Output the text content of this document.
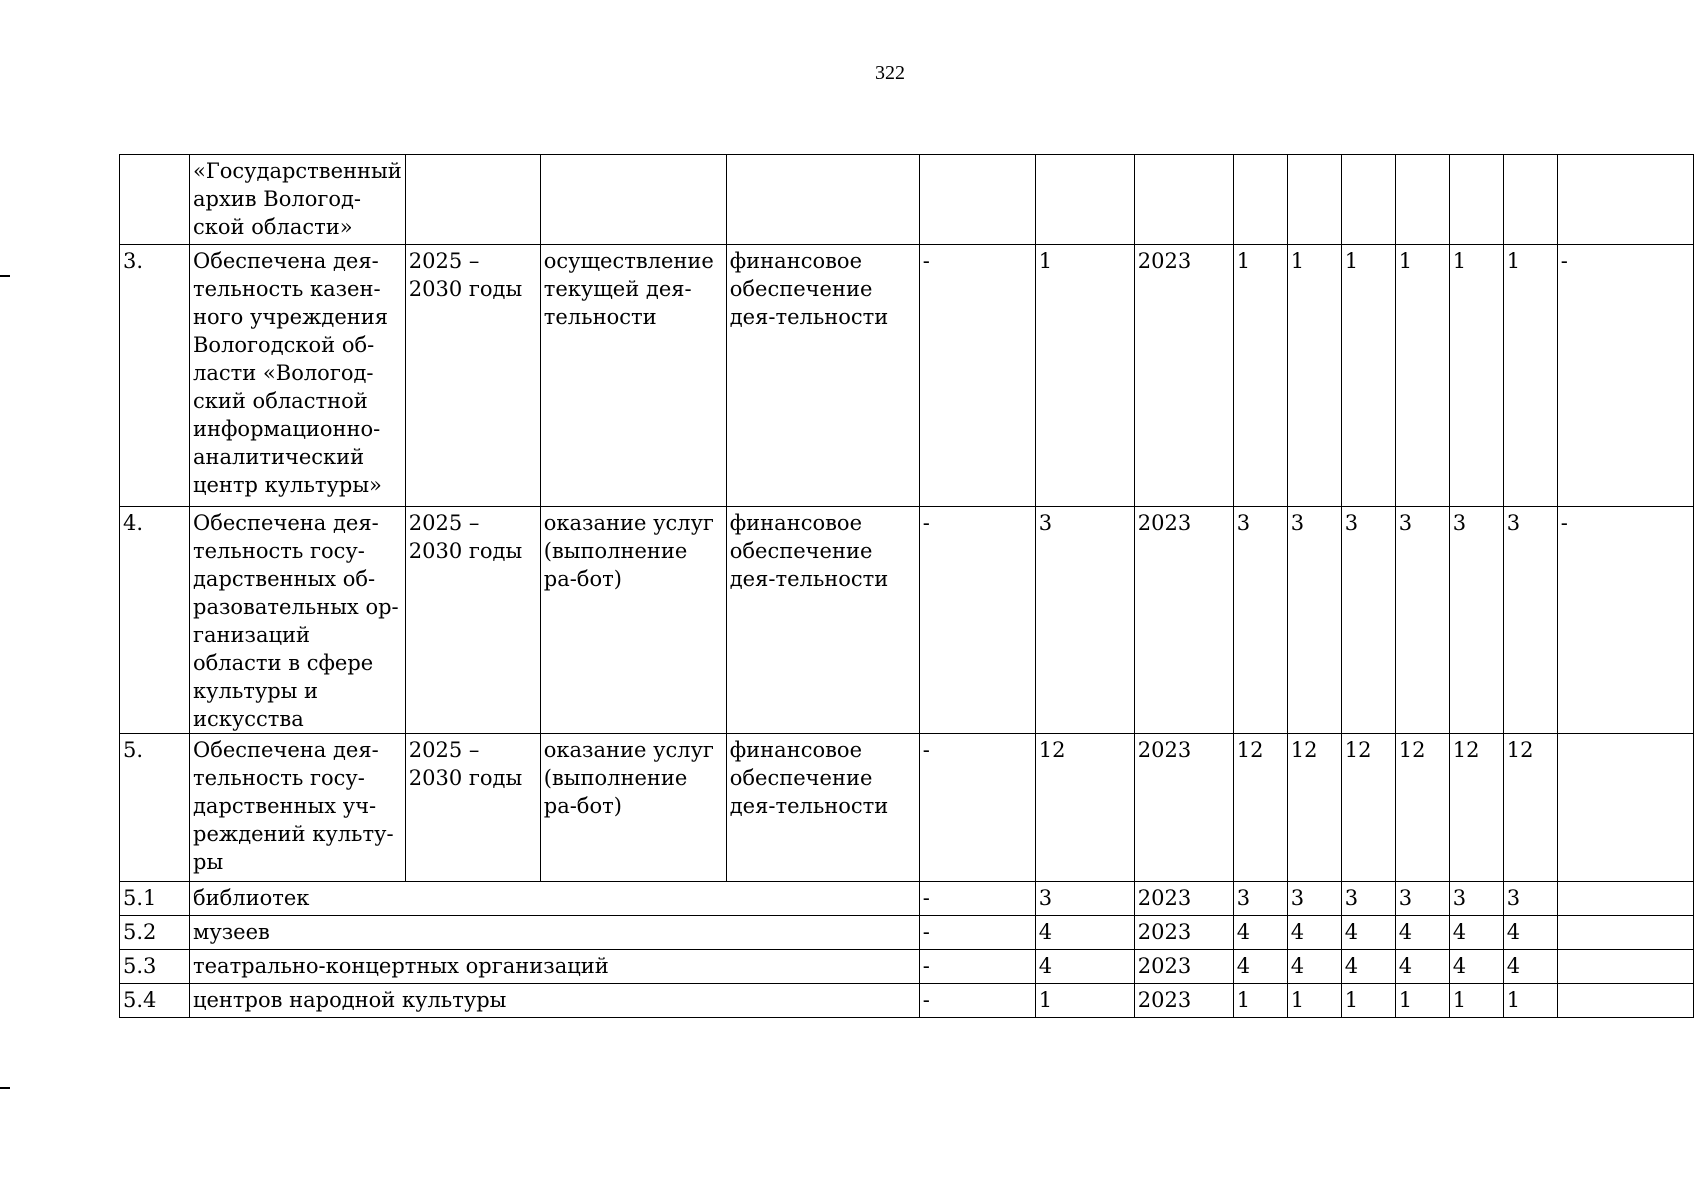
322
	«Государственный архив Вологод-ской области»													
3.	Обеспечена дея-тельность казен-ного учреждения Вологодской об-ласти «Вологод-ский областной информационно-аналитический центр культуры»	2025 – 2030 годы	осуществление текущей дея-тельности	финансовое обеспечение дея-тельности	-	1	2023	1	1	1	1	1	1	-
4.	Обеспечена дея-тельность госу-дарственных об-разовательных ор-ганизаций области в сфере культуры и искусства	2025 – 2030 годы	оказание услуг (выполнение ра-бот)	финансовое обеспечение дея-тельности	-	3	2023	3	3	3	3	3	3	-
5.	Обеспечена дея-тельность госу-дарственных уч-реждений культу-ры	2025 – 2030 годы	оказание услуг (выполнение ра-бот)	финансовое обеспечение дея-тельности	-	12	2023	12	12	12	12	12	12	
5.1	библиотек				-	3	2023	3	3	3	3	3	3	
5.2	музеев				-	4	2023	4	4	4	4	4	4	
5.3	театрально-концертных организаций				-	4	2023	4	4	4	4	4	4	
5.4	центров народной культуры				-	1	2023	1	1	1	1	1	1	
